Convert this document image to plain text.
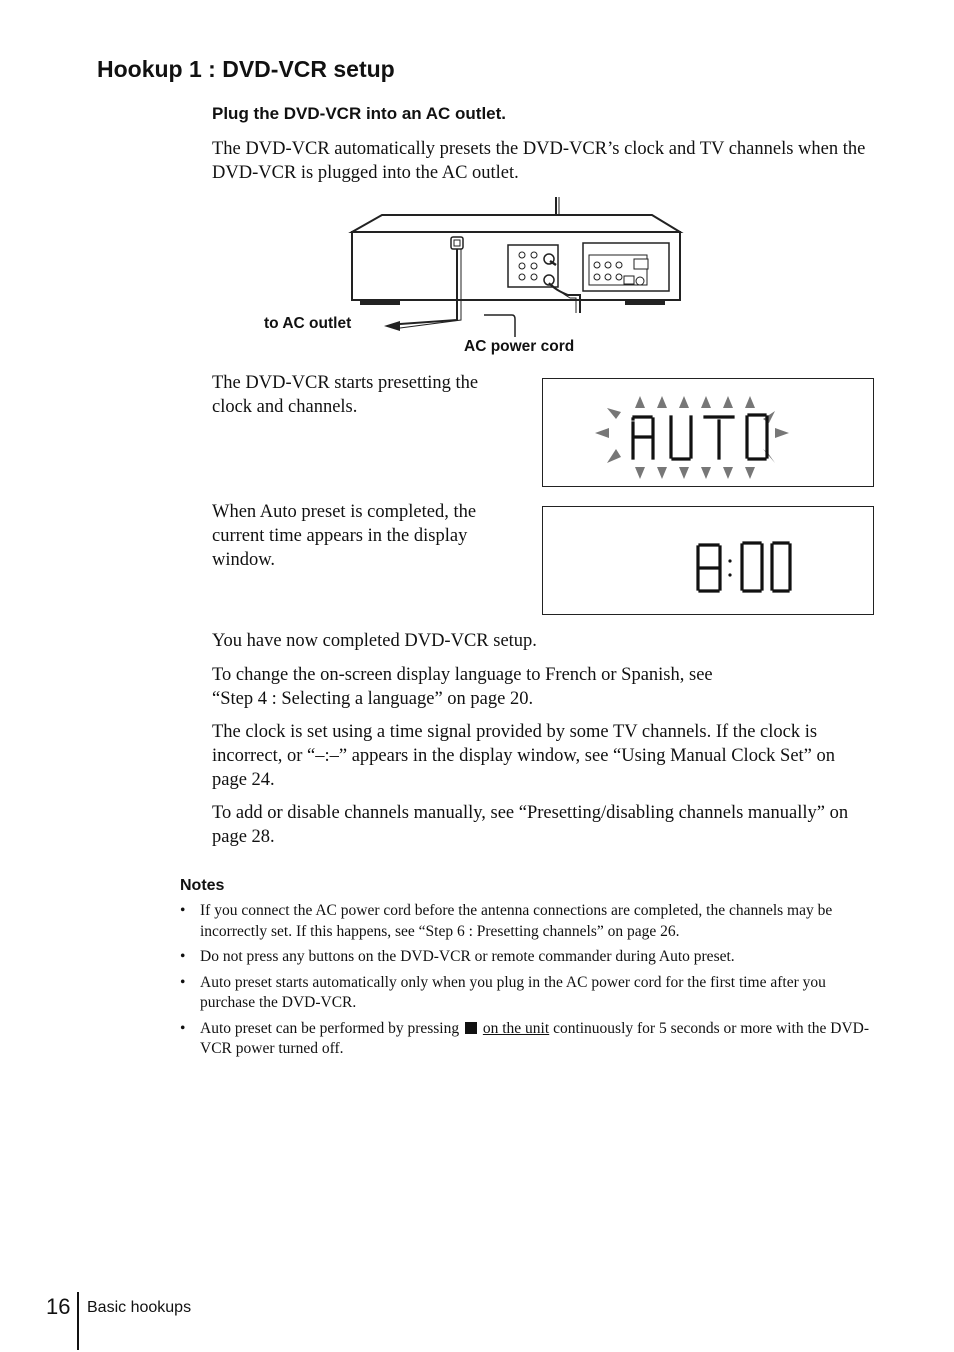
Hookup 1 : DVD-VCR setup

Plug the DVD-VCR into an AC outlet.

The DVD-VCR automatically presets the DVD-VCR’s clock and TV channels when the DVD-VCR is plugged into the AC outlet.

to AC outlet
AC power cord

The DVD-VCR starts presetting the clock and channels.

When Auto preset is completed, the current time appears in the display window.

You have now completed DVD-VCR setup.

To change the on-screen display language to French or Spanish, see
“Step 4 : Selecting a language” on page 20.

The clock is set using a time signal provided by some TV channels. If the clock is incorrect, or “–:–” appears in the display window, see “Using Manual Clock Set” on page 24.

To add or disable channels manually, see “Presetting/disabling channels manually” on page 28.

Notes
• If you connect the AC power cord before the antenna connections are completed, the channels may be incorrectly set. If this happens, see “Step 6 : Presetting channels” on page 26.
• Do not press any buttons on the DVD-VCR or remote commander during Auto preset.
• Auto preset starts automatically only when you plug in the AC power cord for the first time after you purchase the DVD-VCR.
• Auto preset can be performed by pressing on the unit continuously for 5 seconds or more with the DVD-VCR power turned off.
16 Basic hookups
